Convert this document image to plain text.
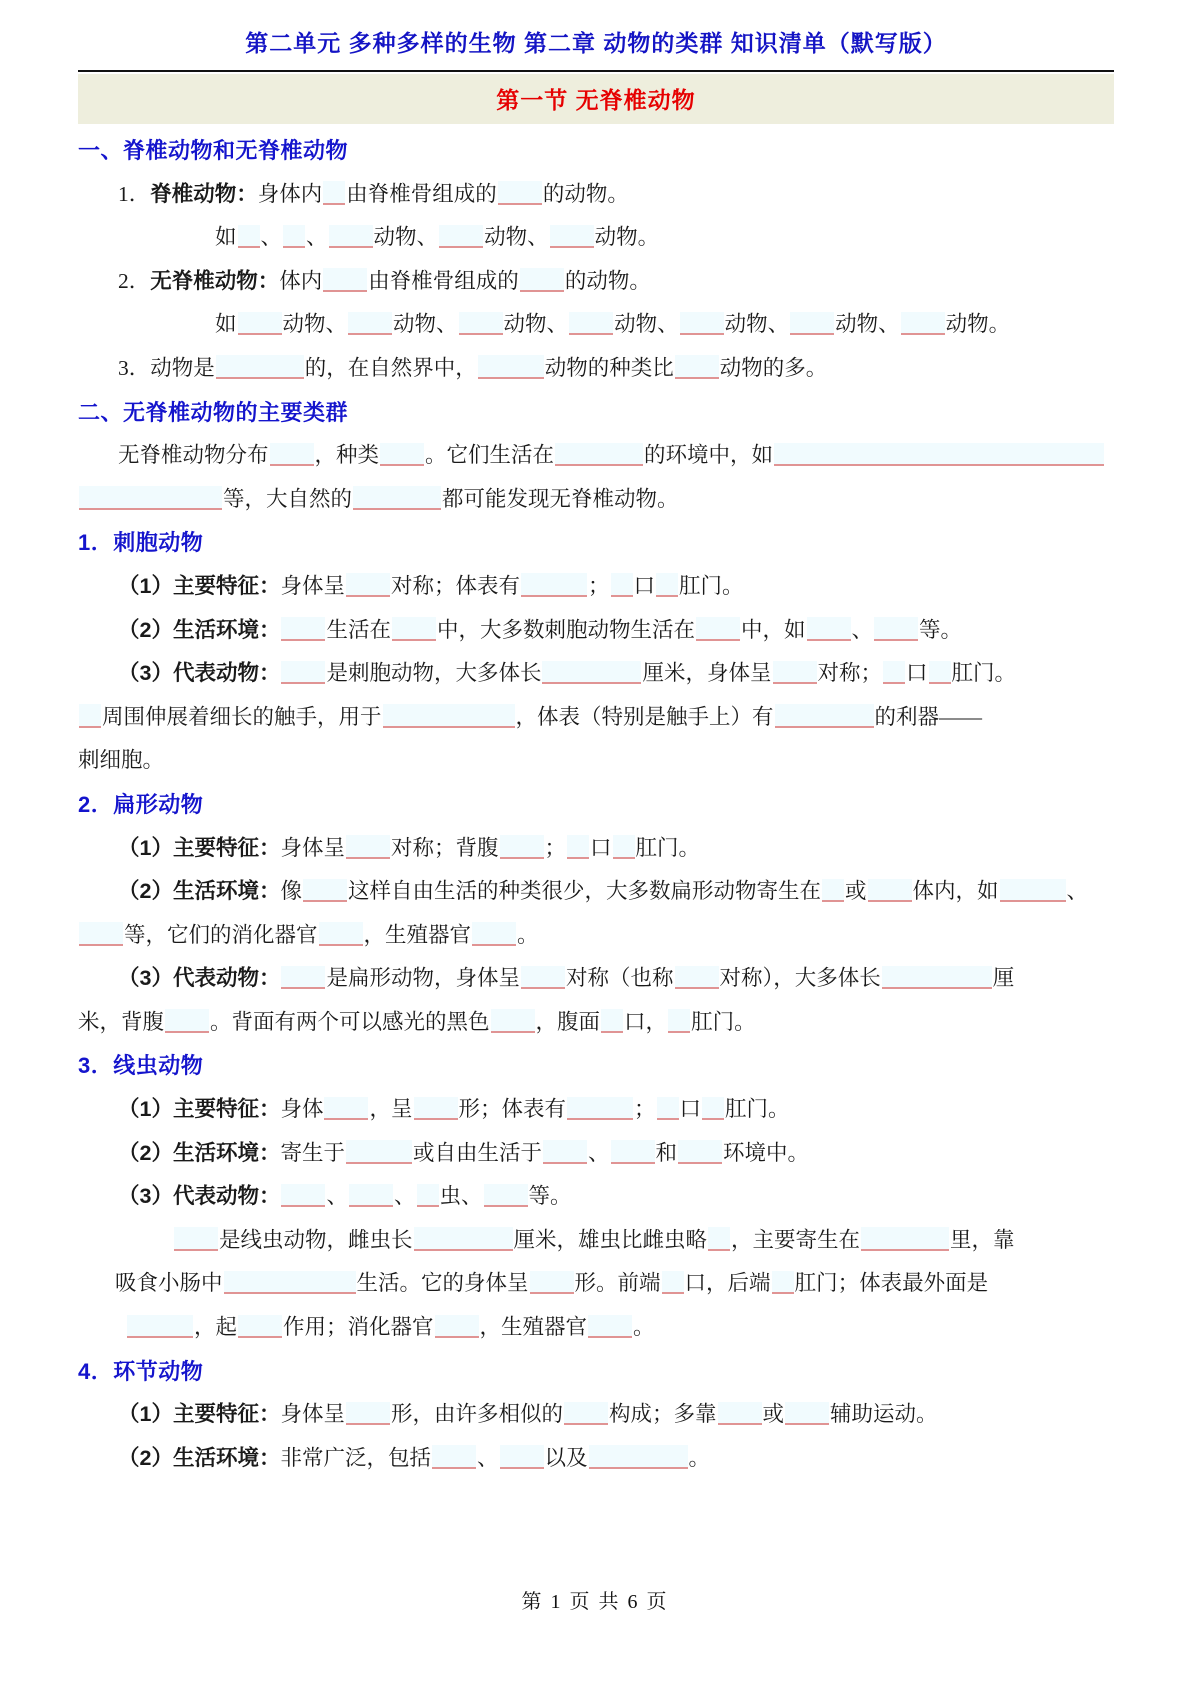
第二单元 多种多样的生物 第二章 动物的类群 知识清单（默写版）
第一节 无脊椎动物
一、脊椎动物和无脊椎动物
1．脊椎动物：身体内 由脊椎骨组成的 的动物。
如 、 、 动物、 动物、 动物。
2．无脊椎动物：体内 由脊椎骨组成的 的动物。
如 动物、 动物、 动物、 动物、 动物、 动物、 动物。
3．动物是	的，在自然界中，	动物的种类比 动物的多。
二、无脊椎动物的主要类群
无脊椎动物分布 ，种类 。它们生活在	的环境中，如
等，大自然的	都可能发现无脊椎动物。
1．刺胞动物
（1）主要特征：身体呈 对称；体表有	； 口 肛门。
（2）生活环境： 生活在 中，大多数刺胞动物生活在 中，如 、 等。
（3）代表动物： 是刺胞动物，大多体长	厘米，身体呈 对称； 口 肛门。
周围伸展着细长的触手，用于	，体表（特别是触手上）有	的利器——
刺细胞。
2．扁形动物
（1）主要特征：身体呈 对称；背腹 ； 口 肛门。
（2）生活环境：像 这样自由生活的种类很少，大多数扁形动物寄生在 或 体内，如	、
等，它们的消化器官 ，生殖器官 。
（3）代表动物： 是扁形动物，身体呈 对称（也称 对称），大多体长	厘
米，背腹 。背面有两个可以感光的黑色 ，腹面 口， 肛门。
3．线虫动物
（1）主要特征：身体 ，呈 形；体表有	； 口 肛门。
（2）生活环境：寄生于	或自由生活于 、 和 环境中。
（3）代表动物： 、 、 虫、 等。
是线虫动物，雌虫长	厘米，雄虫比雌虫略 ，主要寄生在	里，靠
吸食小肠中	生活。它的身体呈 形。前端 口，后端 肛门；体表最外面是
，起 作用；消化器官 ，生殖器官 。
4．环节动物
（1）主要特征：身体呈 形，由许多相似的 构成；多靠 或 辅助运动。
（2）生活环境：非常广泛，包括 、 以及	。
第 1 页 共 6 页
